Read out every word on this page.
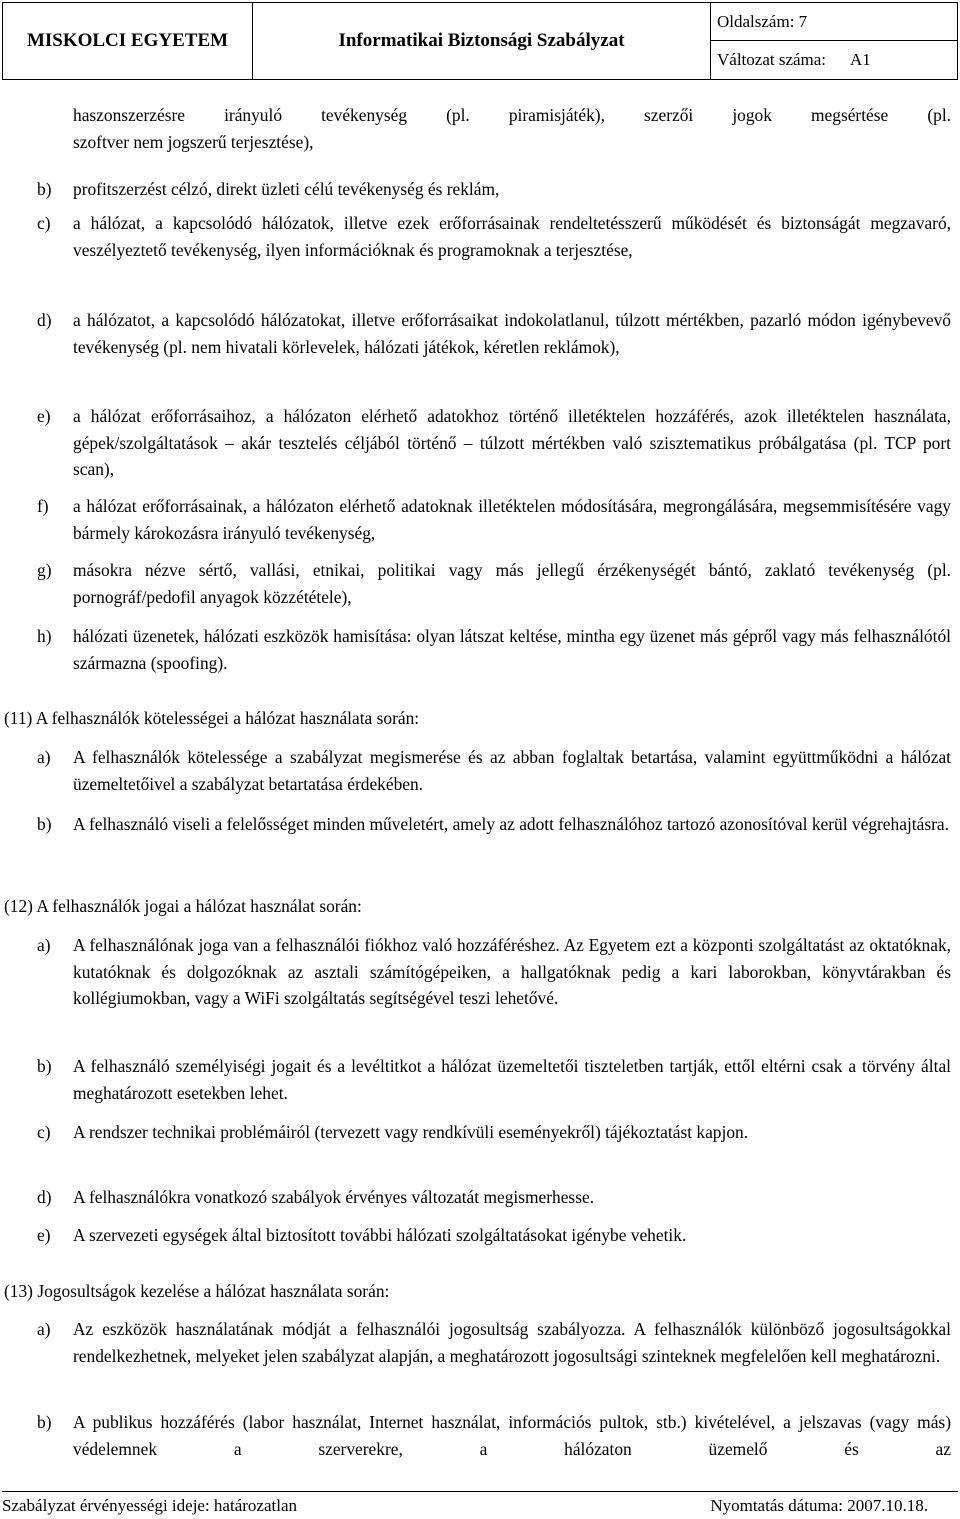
MISKOLCI EGYETEM	Informatikai Biztonsági Szabályzat
Oldalszám: 7
Változat száma: A1
haszonszerzésre irányuló tevékenység (pl. piramisjáték), szerzői jogok megsértése (pl.
szoftver nem jogszerű terjesztése),
b) profitszerzést célzó, direkt üzleti célú tevékenység és reklám,
c) a hálózat, a kapcsolódó hálózatok, illetve ezek erőforrásainak rendeltetésszerű működését és biztonságát megzavaró, veszélyeztető tevékenység, ilyen információknak és programoknak a terjesztése,
d) a hálózatot, a kapcsolódó hálózatokat, illetve erőforrásaikat indokolatlanul, túlzott mértékben, pazarló módon igénybevevő tevékenység (pl. nem hivatali körlevelek, hálózati játékok, kéretlen reklámok),
e) a hálózat erőforrásaihoz, a hálózaton elérhető adatokhoz történő illetéktelen hozzáférés, azok illetéktelen használata, gépek/szolgáltatások – akár tesztelés céljából történő – túlzott mértékben való szisztematikus próbálgatása (pl. TCP port scan),
f) a hálózat erőforrásainak, a hálózaton elérhető adatoknak illetéktelen módosítására, megrongálására, megsemmisítésére vagy bármely károkozásra irányuló tevékenység,
g) másokra nézve sértő, vallási, etnikai, politikai vagy más jellegű érzékenységét bántó, zaklató tevékenység (pl. pornográf/pedofil anyagok közzététele),
h) hálózati üzenetek, hálózati eszközök hamisítása: olyan látszat keltése, mintha egy üzenet más gépről vagy más felhasználótól származna (spoofing).
(11) A felhasználók kötelességei a hálózat használata során:
a) A felhasználók kötelessége a szabályzat megismerése és az abban foglaltak betartása, valamint együttműködni a hálózat üzemeltetőivel a szabályzat betartatása érdekében.
b) A felhasználó viseli a felelősséget minden műveletért, amely az adott felhasználóhoz tartozó azonosítóval kerül végrehajtásra.
(12) A felhasználók jogai a hálózat használat során:
a) A felhasználónak joga van a felhasználói fiókhoz való hozzáféréshez. Az Egyetem ezt a központi szolgáltatást az oktatóknak, kutatóknak és dolgozóknak az asztali számítógépeiken, a hallgatóknak pedig a kari laborokban, könyvtárakban és kollégiumokban, vagy a WiFi szolgáltatás segítségével teszi lehetővé.
b) A felhasználó személyiségi jogait és a levéltitkot a hálózat üzemeltetői tiszteletben tartják, ettől eltérni csak a törvény által meghatározott esetekben lehet.
c) A rendszer technikai problémáiról (tervezett vagy rendkívüli eseményekről) tájékoztatást kapjon.
d) A felhasználókra vonatkozó szabályok érvényes változatát megismerhesse.
e) A szervezeti egységek által biztosított további hálózati szolgáltatásokat igénybe vehetik.
(13) Jogosultságok kezelése a hálózat használata során:
a) Az eszközök használatának módját a felhasználói jogosultság szabályozza. A felhasználók különböző jogosultságokkal rendelkezhetnek, melyeket jelen szabályzat alapján, a meghatározott jogosultsági szinteknek megfelelően kell meghatározni.
b) A publikus hozzáférés (labor használat, Internet használat, információs pultok, stb.) kivételével, a jelszavas (vagy más) védelemnek a szerverekre, a hálózaton üzemelő és az
Szabályzat érvényességi ideje: határozatlan	Nyomtatás dátuma: 2007.10.18.
